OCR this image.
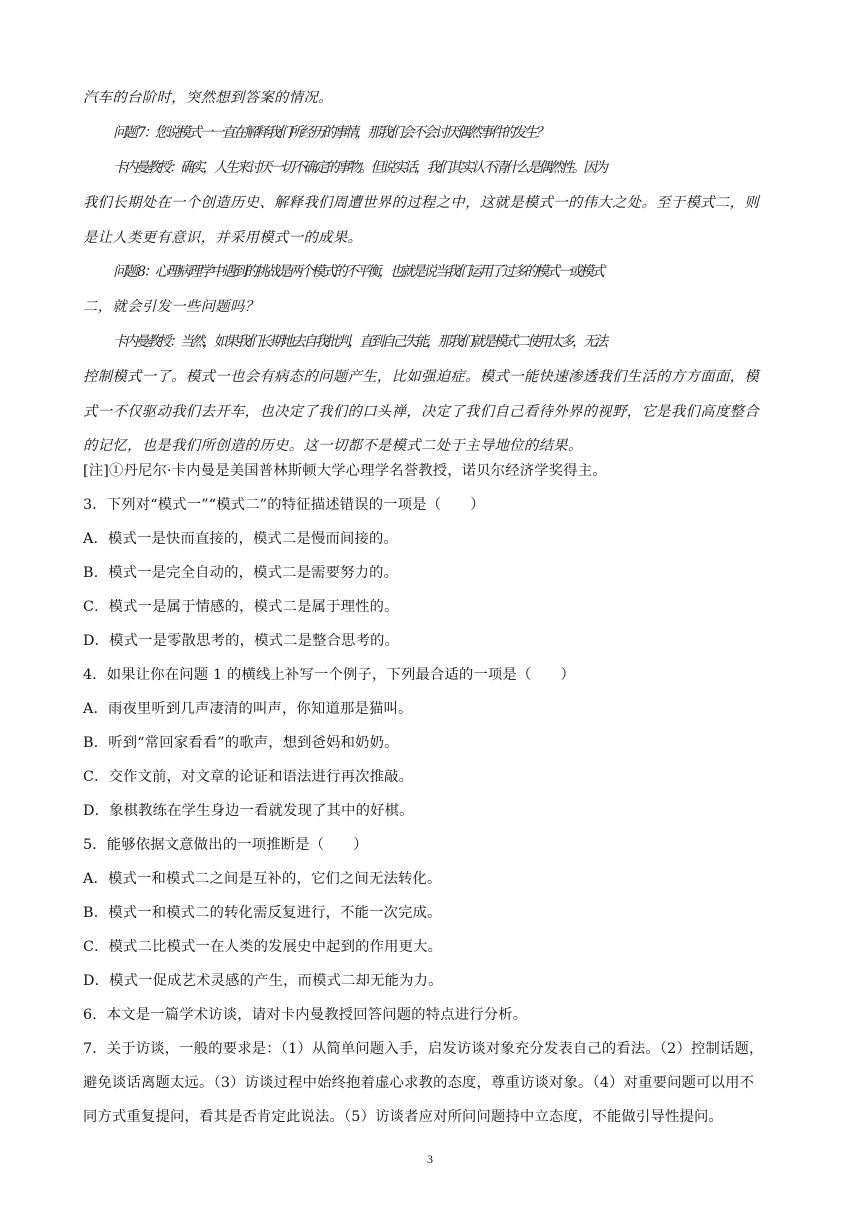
汽车的台阶时，突然想到答案的情况。
问题 7：您说模式一一直在解释我们所经历的事情，那我们会不会讨厌偶然事件的发生？
卡内曼教授：确实，人生来讨厌一切不确定的事物。但说实话，我们其实认不清什么是偶然性。因为
我们长期处在一个创造历史、解释我们周遭世界的过程之中，这就是模式一的伟大之处。至于模式二，则
是让人类更有意识，并采用模式一的成果。
问题 8：心理病理学中遇到的挑战是两个模式的不平衡，也就是说当我们运用了过多的模式一或模式
二，就会引发一些问题吗？
卡内曼教授：当然，如果我们长期地去自我批判，直到自己失能，那我们就是模式二使用太多，无法
控制模式一了。模式一也会有病态的问题产生，比如强迫症。模式一能快速渗透我们生活的方方面面，模
式一不仅驱动我们去开车，也决定了我们的口头禅，决定了我们自己看待外界的视野，它是我们高度整合
的记忆，也是我们所创造的历史。这一切都不是模式二处于主导地位的结果。
[注]①丹尼尔·卡内曼是美国普林斯顿大学心理学名誉教授，诺贝尔经济学奖得主。
3．下列对“模式一”“模式二”的特征描述错误的一项是（　　）
A．模式一是快而直接的，模式二是慢而间接的。
B．模式一是完全自动的，模式二是需要努力的。
C．模式一是属于情感的，模式二是属于理性的。
D．模式一是零散思考的，模式二是整合思考的。
4．如果让你在问题 1 的横线上补写一个例子，下列最合适的一项是（　　）
A．雨夜里听到几声凄清的叫声，你知道那是猫叫。
B．听到“常回家看看”的歌声，想到爸妈和奶奶。
C．交作文前，对文章的论证和语法进行再次推敲。
D．象棋教练在学生身边一看就发现了其中的好棋。
5．能够依据文意做出的一项推断是（　　）
A．模式一和模式二之间是互补的，它们之间无法转化。
B．模式一和模式二的转化需反复进行，不能一次完成。
C．模式二比模式一在人类的发展史中起到的作用更大。
D．模式一促成艺术灵感的产生，而模式二却无能为力。
6．本文是一篇学术访谈，请对卡内曼教授回答问题的特点进行分析。
7．关于访谈，一般的要求是：（1）从简单问题入手，启发访谈对象充分发表自己的看法。（2）控制话题，
避免谈话离题太远。（3）访谈过程中始终抱着虚心求教的态度，尊重访谈对象。（4）对重要问题可以用不
同方式重复提问，看其是否肯定此说法。（5）访谈者应对所问问题持中立态度，不能做引导性提问。
3
